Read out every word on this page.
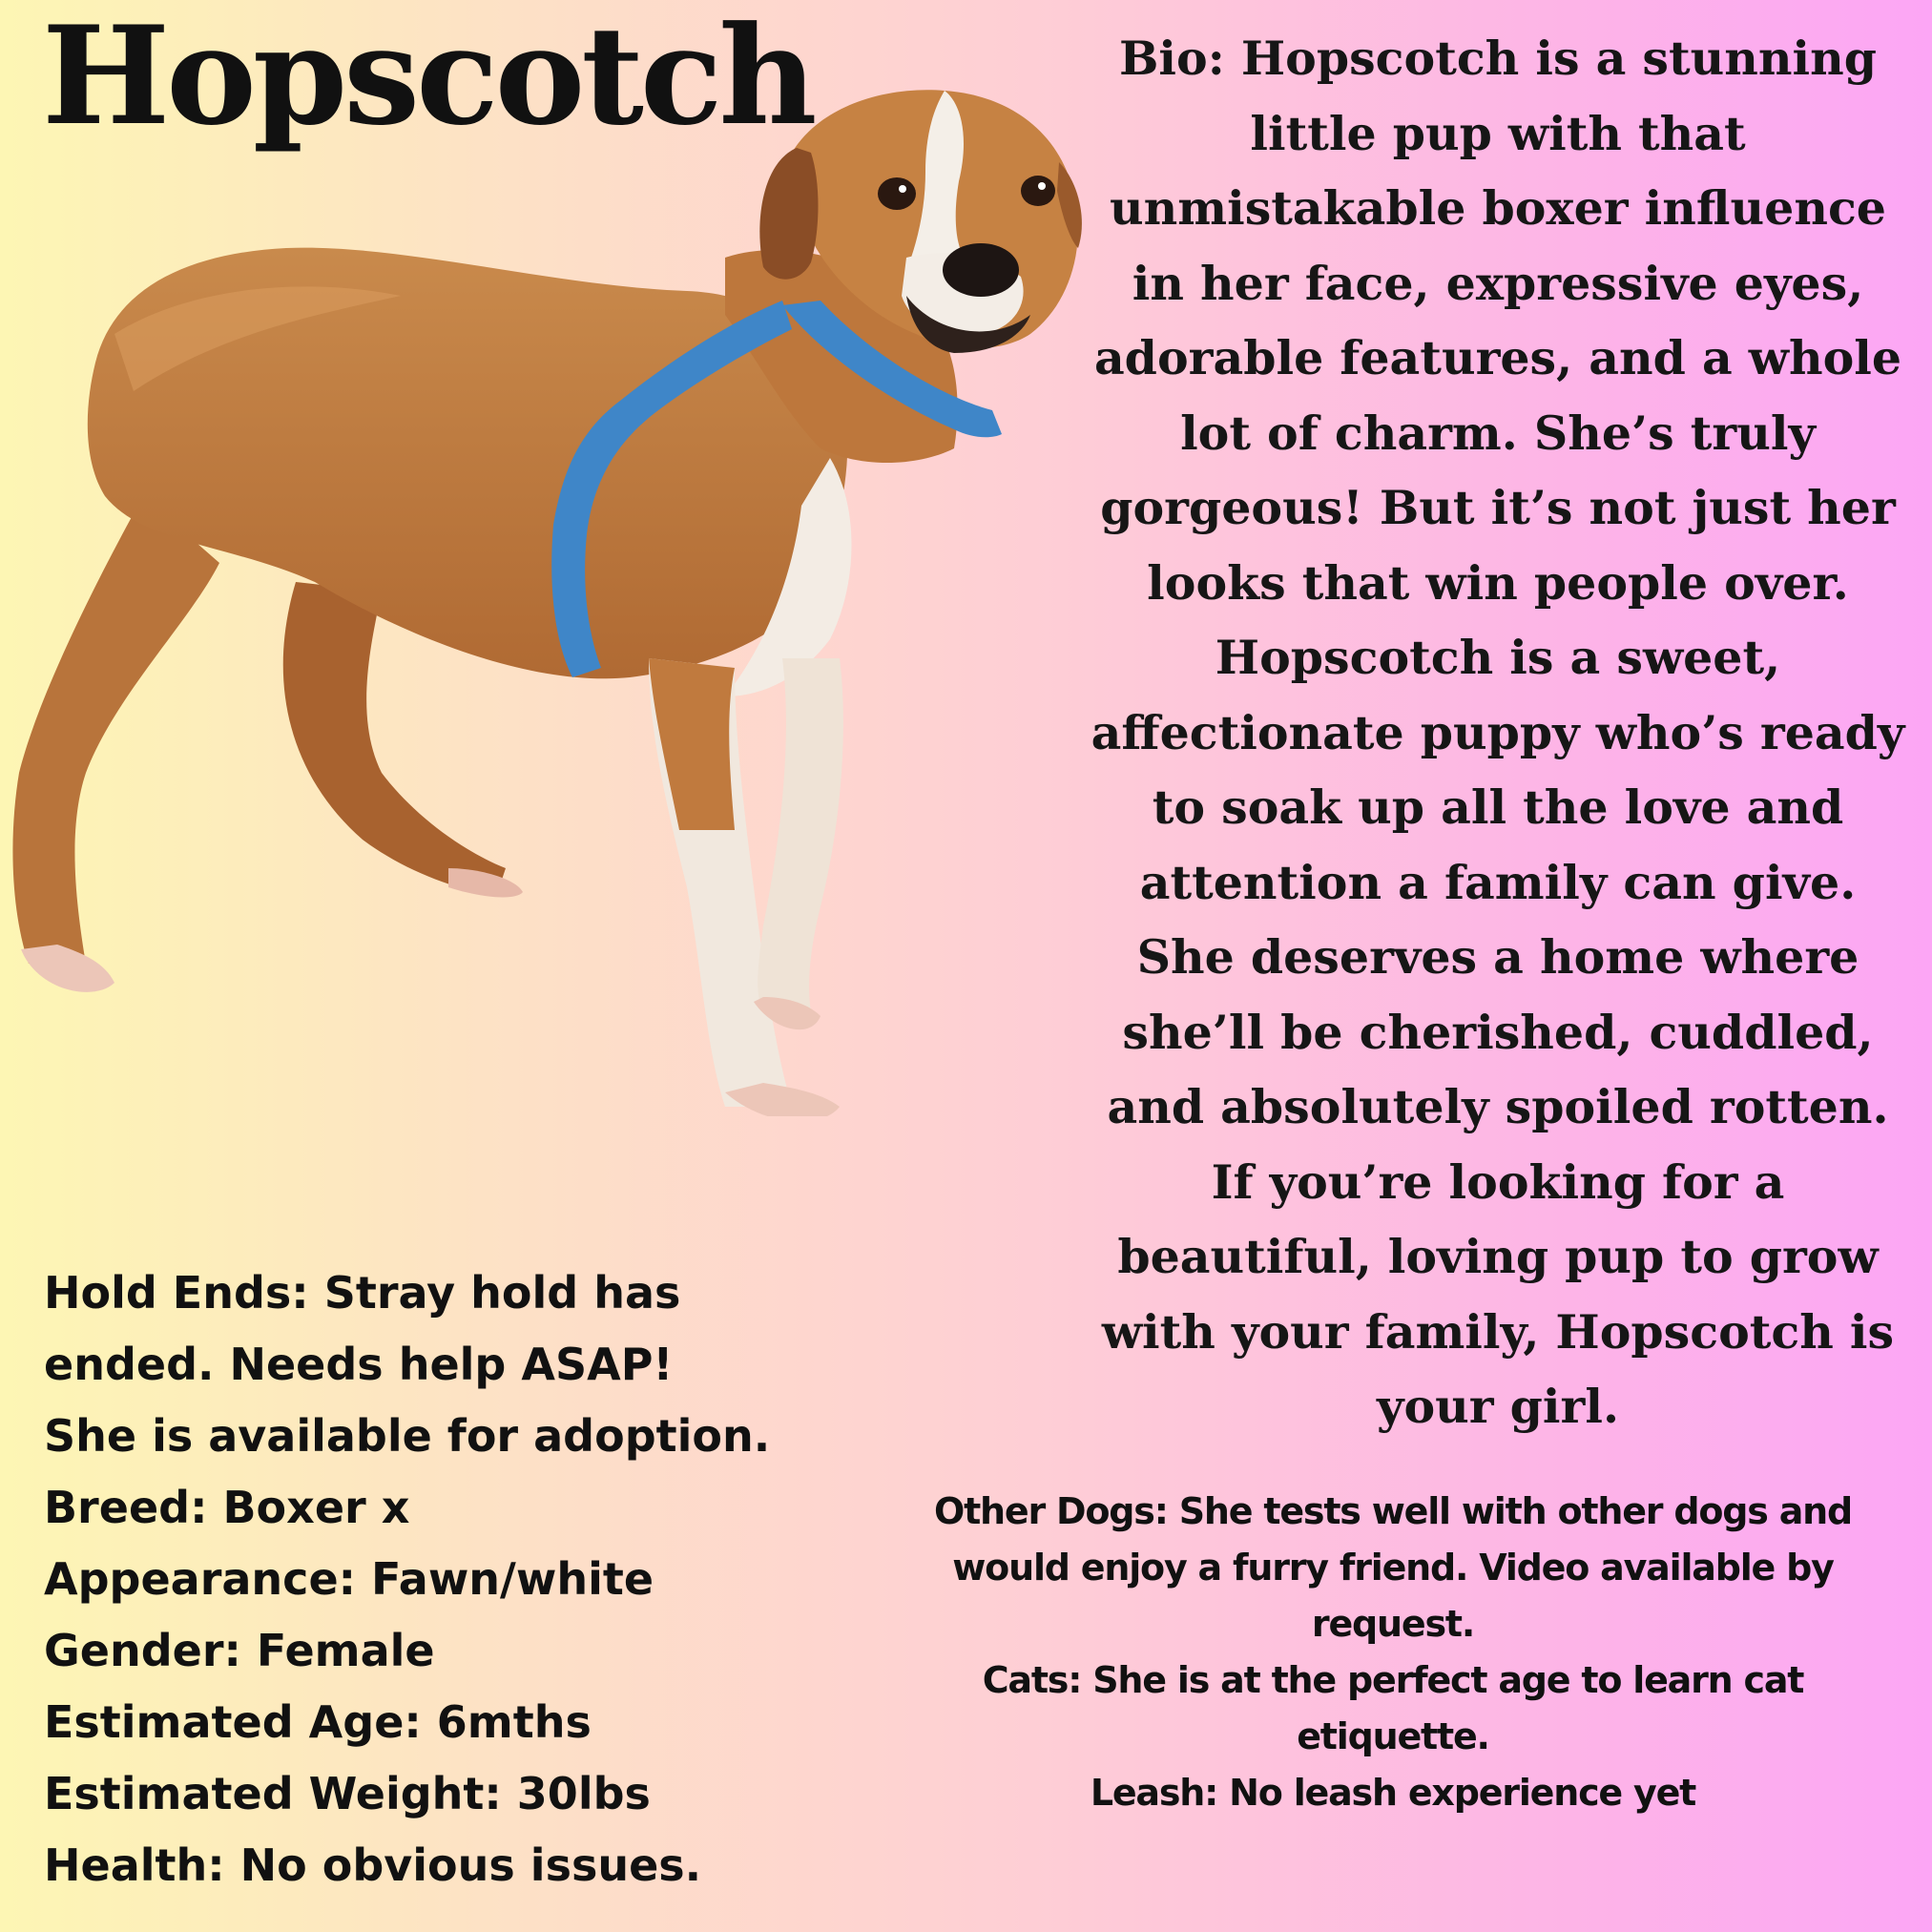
Hopscotch	Bio: Hopscotch is a stunning little pup with that unmistakable boxer influence in her face, expressive eyes, adorable features, and a whole lot of charm. She’s truly gorgeous! But it’s not just her looks that win people over. Hopscotch is a sweet, affectionate puppy who’s ready to soak up all the love and attention a family can give. She deserves a home where she’ll be cherished, cuddled, and absolutely spoiled rotten. If you’re looking for a beautiful, loving pup to grow with your family, Hopscotch is your girl.
Hold Ends: Stray hold has
ended. Needs help ASAP!
She is available for adoption.
Breed: Boxer x
Appearance: Fawn/white
Gender: Female
Estimated Age: 6mths
Estimated Weight: 30lbs
Health: No obvious issues.
Other Dogs: She tests well with other dogs and would enjoy a furry friend. Video available by request.
Cats: She is at the perfect age to learn cat etiquette.
Leash: No leash experience yet
